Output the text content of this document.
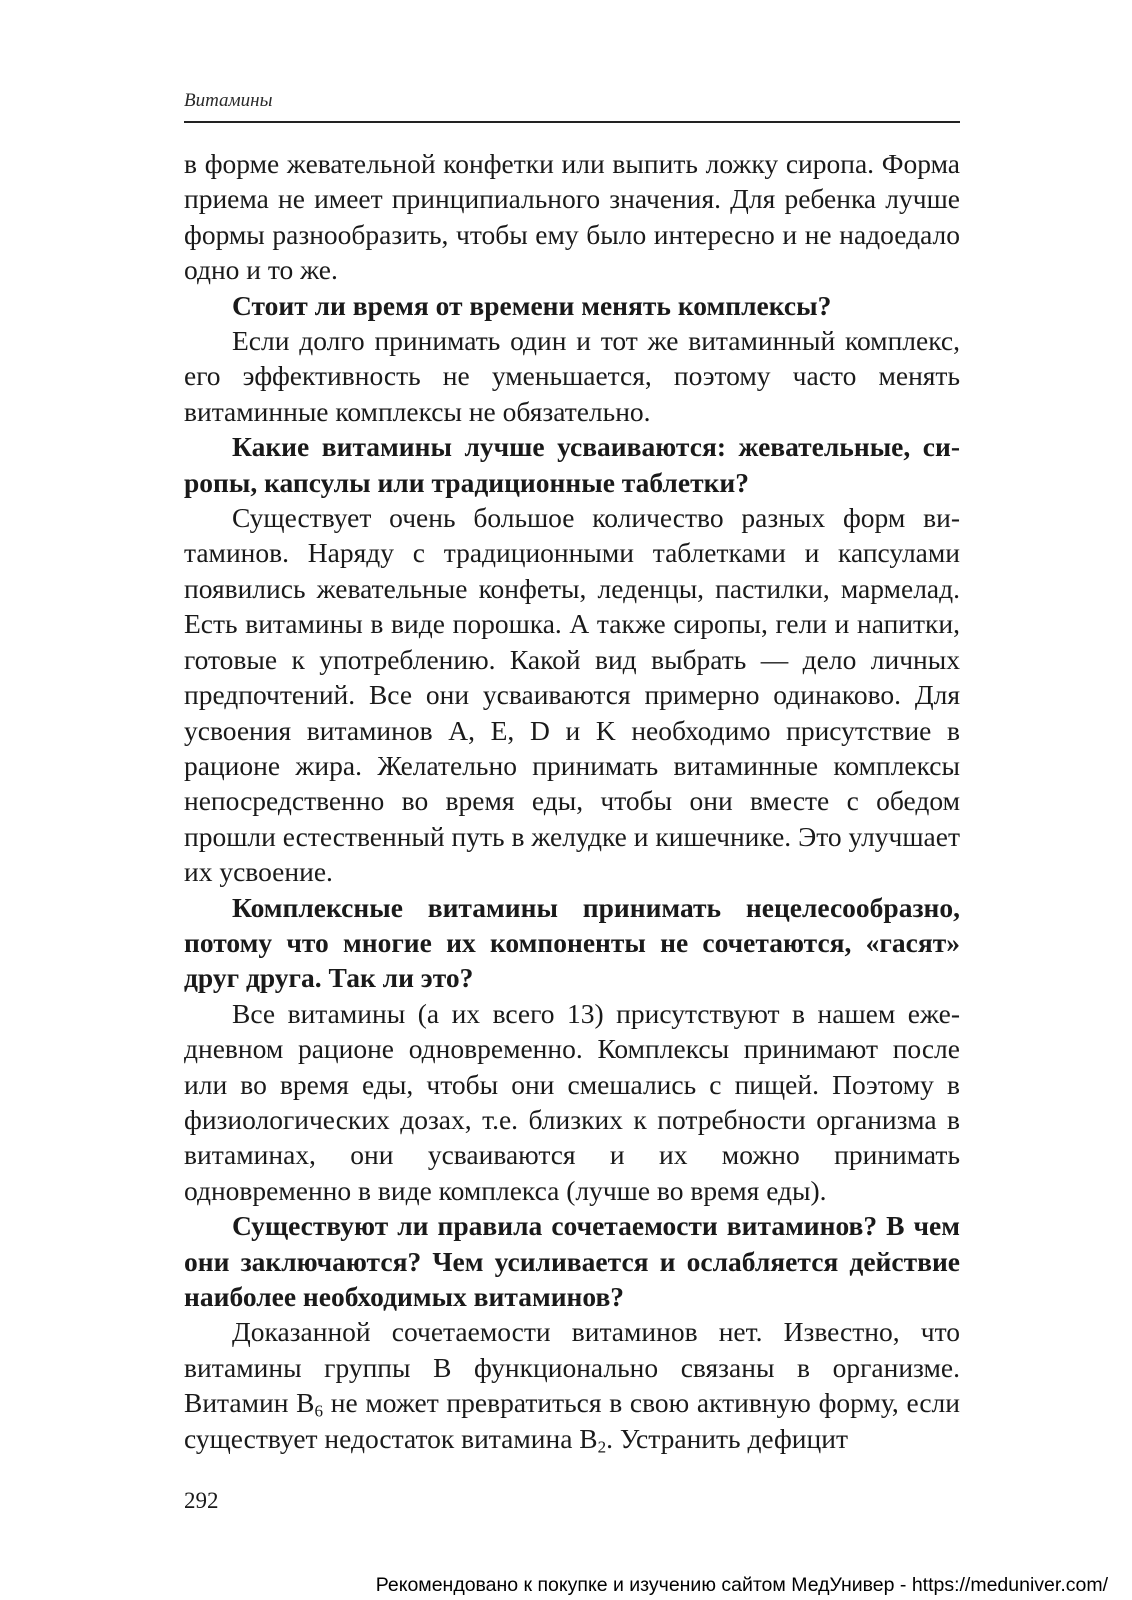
Витамины

в форме жевательной конфетки или выпить ложку сиропа. Форма приема не имеет принципиального значения. Для ребенка лучше формы разнообразить, чтобы ему было интересно и не надоедало одно и то же.

Стоит ли время от времени менять комплексы?

Если долго принимать один и тот же витаминный комплекс, его эффективность не уменьшается, поэтому часто менять витаминные комплексы не обязательно.

Какие витамины лучше усваиваются: жевательные, сиропы, капсулы или традиционные таблетки?

Существует очень большое количество разных форм витаминов. Наряду с традиционными таблетками и капсулами появились жевательные конфеты, леденцы, пастилки, мармелад. Есть витамины в виде порошка. А также сиропы, гели и напитки, готовые к употреблению. Какой вид выбрать — дело личных предпочтений. Все они усваиваются примерно одинаково. Для усвоения витаминов A, E, D и K необходимо присутствие в рационе жира. Желательно принимать витаминные комплексы непосредственно во время еды, чтобы они вместе с обедом прошли естественный путь в желудке и кишечнике. Это улучшает их усвоение.

Комплексные витамины принимать нецелесообразно, потому что многие их компоненты не сочетаются, «гасят» друг друга. Так ли это?

Все витамины (а их всего 13) присутствуют в нашем ежедневном рационе одновременно. Комплексы принимают после или во время еды, чтобы они смешались с пищей. Поэтому в физиологических дозах, т.е. близких к потребности организма в витаминах, они усваиваются и их можно принимать одновременно в виде комплекса (лучше во время еды).

Существуют ли правила сочетаемости витаминов? В чем они заключаются? Чем усиливается и ослабляется действие наиболее необходимых витаминов?

Доказанной сочетаемости витаминов нет. Известно, что витамины группы B функционально связаны в организме. Витамин $B_6$ не может превратиться в свою активную форму, если существует недостаток витамина $B_2$. Устранить дефицит

292
Рекомендовано к покупке и изучению сайтом МедУнивер - https://meduniver.com/
